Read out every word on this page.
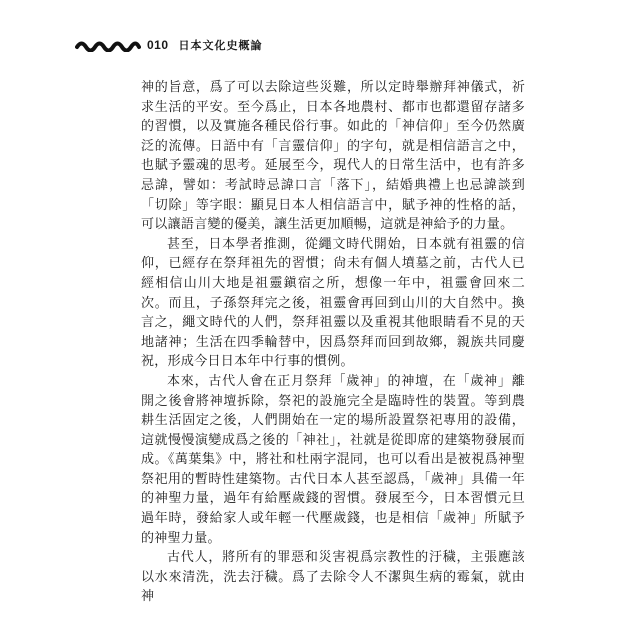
010 日本文化史概論

神的旨意，爲了可以去除這些災難，所以定時舉辦拜神儀式，祈求生活的平安。至今爲止，日本各地農村、都市也都還留存諸多的習慣，以及實施各種民俗行事。如此的「神信仰」至今仍然廣泛的流傳。日語中有「言靈信仰」的字句，就是相信語言之中，也賦予靈魂的思考。延展至今，現代人的日常生活中，也有許多忌諱，譬如：考試時忌諱口言「落下」，結婚典禮上也忌諱談到「切除」等字眼：顯見日本人相信語言中，賦予神的性格的話，可以讓語言變的優美，讓生活更加順暢，這就是神給予的力量。

甚至，日本學者推測，從繩文時代開始，日本就有祖靈的信仰，已經存在祭拜祖先的習慣；尙未有個人墳墓之前，古代人已經相信山川大地是祖靈鎭宿之所，想像一年中，祖靈會回來二次。而且，子孫祭拜完之後，祖靈會再回到山川的大自然中。換言之，繩文時代的人們，祭拜祖靈以及重視其他眼睛看不見的天地諸神；生活在四季輪替中，因爲祭拜而回到故鄉，親族共同慶祝，形成今日日本年中行事的慣例。

本來，古代人會在正月祭拜「歲神」的神壇，在「歲神」離開之後會將神壇拆除，祭祀的設施完全是臨時性的裝置。等到農耕生活固定之後，人們開始在一定的場所設置祭祀專用的設備，這就慢慢演變成爲之後的「神社」，社就是從即席的建築物發展而成。《萬葉集》中，將社和杜兩字混同，也可以看出是被視爲神聖祭祀用的暫時性建築物。古代日本人甚至認爲，「歲神」具備一年的神聖力量，過年有給壓歲錢的習慣。發展至今，日本習慣元旦過年時，發給家人或年輕一代壓歲錢，也是相信「歲神」所賦予的神聖力量。

古代人，將所有的罪惡和災害視爲宗教性的汙穢，主張應該以水來清洗，洗去汙穢。爲了去除令人不潔與生病的霉氣，就由神
